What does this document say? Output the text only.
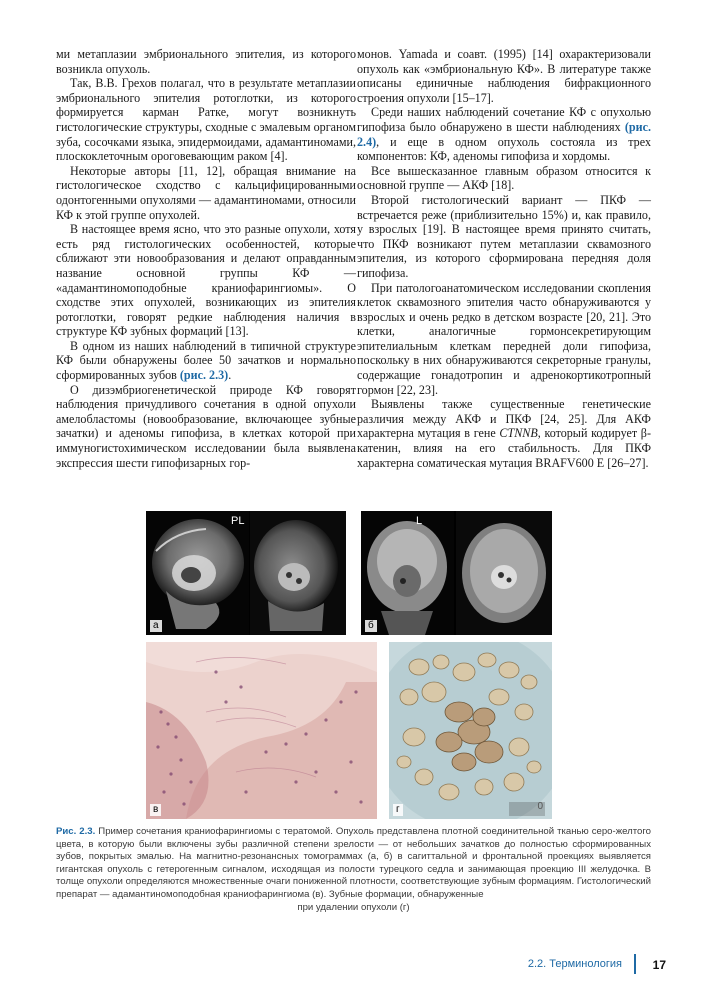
ми метаплазии эмбрионального эпителия, из которого возникла опухоль.

Так, В.В. Грехов полагал, что в результате метаплазии эмбрионального эпителия ротоглотки, из которого формируется карман Ратке, могут возникнуть гистологические структуры, сходные с эмалевым органом зуба, сосочками языка, эпидермоидами, адамантиномами, плоскоклеточным ороговевающим раком [4].

Некоторые авторы [11, 12], обращая внимание на гистологическое сходство с кальцифицированными одонтогенными опухолями — адамантиномами, относили КФ к этой группе опухолей.

В настоящее время ясно, что это разные опухоли, хотя есть ряд гистологических особенностей, которые сближают эти новообразования и делают оправданным название основной группы КФ — «адамантиномоподобные краниофарингиомы». О сходстве этих опухолей, возникающих из эпителия ротоглотки, говорят редкие наблюдения наличия в структуре КФ зубных формаций [13].

В одном из наших наблюдений в типичной структуре КФ были обнаружены более 50 зачатков и нормально сформированных зубов (рис. 2.3).

О дизэмбриогенетической природе КФ говорят наблюдения причудливого сочетания в одной опухоли амелобластомы (новообразование, включающее зубные зачатки) и аденомы гипофиза, в клетках которой при иммуногистохимическом исследовании была выявлена экспрессия шести гипофизарных гор-

монов. Yamada и соавт. (1995) [14] охарактеризовали опухоль как «эмбриональную КФ». В литературе также описаны единичные наблюдения бифракционного строения опухоли [15–17].

Среди наших наблюдений сочетание КФ с опухолью гипофиза было обнаружено в шести наблюдениях (рис. 2.4), и еще в одном опухоль состояла из трех компонентов: КФ, аденомы гипофиза и хордомы.

Все вышесказанное главным образом относится к основной группе — АКФ [18].

Второй гистологический вариант — ПКФ — встречается реже (приблизительно 15%) и, как правило, у взрослых [19]. В настоящее время принято считать, что ПКФ возникают путем метаплазии сквамозного эпителия, из которого сформирована передняя доля гипофиза.

При патологоанатомическом исследовании скопления клеток сквамозного эпителия часто обнаруживаются у взрослых и очень редко в детском возрасте [20, 21]. Это клетки, аналогичные гормонсекретирующим эпителиальным клеткам передней доли гипофиза, поскольку в них обнаруживаются секреторные гранулы, содержащие гонадотропин и адренокортикотропный гормон [22, 23].

Выявлены также существенные генетические различия между АКФ и ПКФ [24, 25]. Для АКФ характерна мутация в гене CTNNB, который кодирует β-катенин, влияя на его стабильность. Для ПКФ характерна соматическая мутация BRAFV600 E [26–27].

PL
а
L
б
в	0
г
Рис. 2.3. Пример сочетания краниофарингиомы с тератомой. Опухоль представлена плотной соединительной тканью серо-желтого цвета, в которую были включены зубы различной степени зрелости — от небольших зачатков до полностью сформированных зубов, покрытых эмалью. На магнитно-резонансных томограммах (а, б) в сагиттальной и фронтальной проекциях выявляется гигантская опухоль с гетерогенным сигналом, исходящая из полости турецкого седла и занимающая проекцию III желудочка. В толще опухоли определяются множественные очаги пониженной плотности, соответствующие зубным формациям. Гистологический препарат — адамантиномоподобная краниофарингиома (в). Зубные формации, обнаруженные
при удалении опухоли (г)
2.2. Терминология	17
